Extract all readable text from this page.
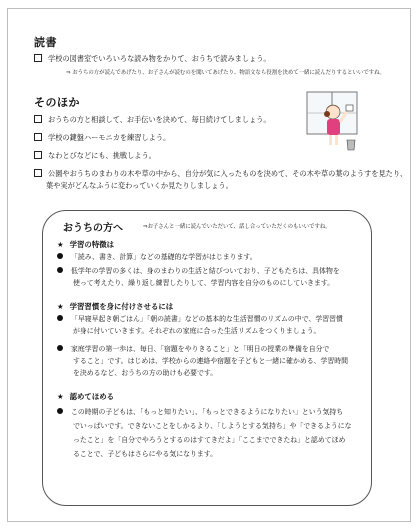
読書
学校の図書室でいろいろな読み物をかりて、おうちで読みましょう。
⇒ おうちの方が読んであげたり、お子さんが読むのを聞いてあげたり、物語文なら役割を決めて一緒に読んだりするといいですね。
そのほか
おうちの方と相談して、お手伝いを決めて、毎日続けてしましょう。
学校の鍵盤ハーモニカを練習しよう。
なわとびなどにも、挑戦しよう。
公園やおうちのまわりの木や草の中から、自分が気に入ったものを決めて、その木や草の葉のようすを見たり、
葉や実がどんなふうに変わっていくか見たりしましょう。
おうちの方へ	⇒お子さんと一緒に読んでいただいて、話し合っていただくのもいいですね。
★ 学習の特徴は
「読み、書き、計算」などの基礎的な学習がはじまります。
低学年の学習の多くは、身のまわりの生活と結びついており、子どもたちは、具体物を
使って考えたり、繰り返し練習したりして、学習内容を自分のものにしていきます。
★ 学習習慣を身に付けさせるには
「早寝早起き朝ごはん」「朝の読書」などの基本的な生活習慣のリズムの中で、学習習慣
が身に付いていきます。それぞれの家庭に合った生活リズムをつくりましょう。
家庭学習の第一歩は、毎日、「宿題をやりきること」と「明日の授業の準備を自分で
すること」です。はじめは、学校からの連絡や宿題を子どもと一緒に確かめる、学習時間
を決めるなど、おうちの方の助けも必要です。
★ 認めてほめる
この時期の子どもは、「もっと知りたい」、「もっとできるようになりたい」という気持ち
でいっぱいです。できないことをしかるより、「しようとする気持ち」や「できるようにな
ったこと」を「自分でやろうとするのはすてきだよ」「ここまでできたね」と認めてほめ
ることで、子どもはさらにやる気になります。
